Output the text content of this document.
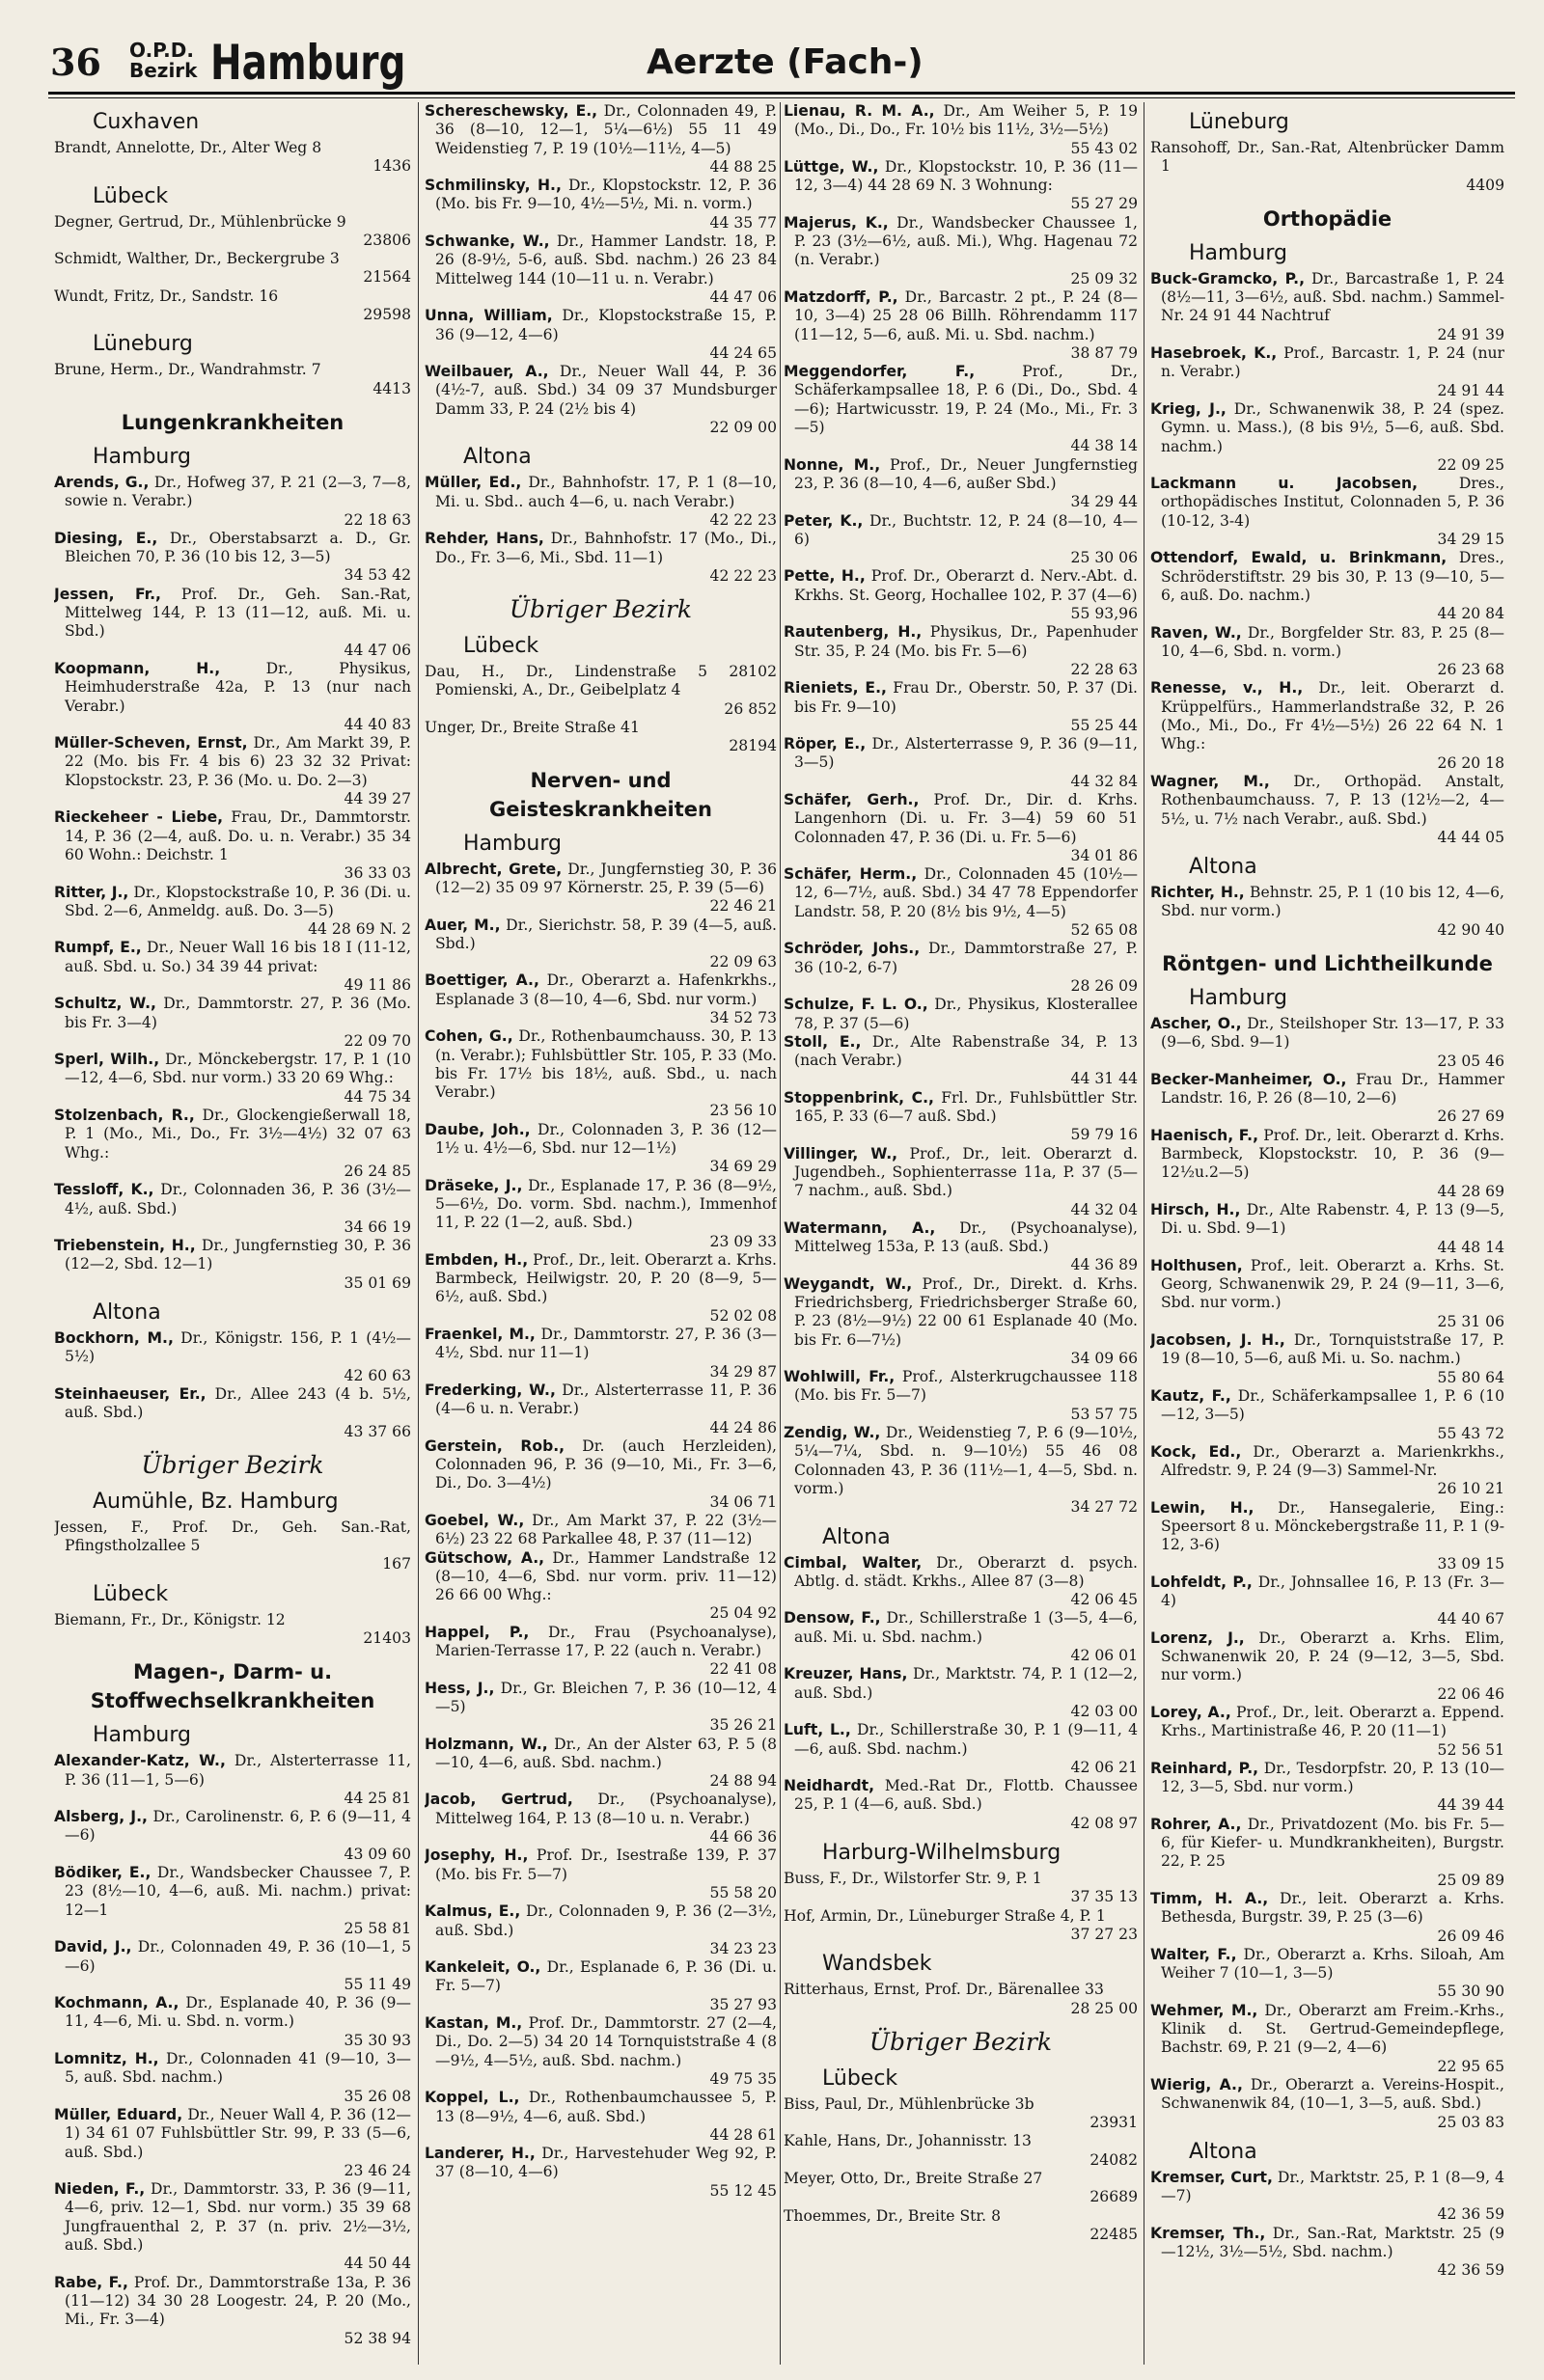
36 O.P.D.
Bezirk Hamburg	Aerzte (Fach-)
Cuxhaven

Brandt, Annelotte, Dr., Alter Weg 8
1436

Lübeck

Degner, Gertrud, Dr., Mühlenbrücke 9
23806

Schmidt, Walther, Dr., Beckergrube 3
21564

Wundt, Fritz, Dr., Sandstr. 16
29598

Lüneburg

Brune, Herm., Dr., Wandrahmstr. 7
4413

Lungenkrankheiten
Hamburg

Arends, G., Dr., Hofweg 37, P. 21 (2—3, 7—8, sowie n. Verabr.)
22 18 63

Diesing, E., Dr., Oberstabsarzt a. D., Gr. Bleichen 70, P. 36 (10 bis 12, 3—5)
34 53 42

Jessen, Fr., Prof. Dr., Geh. San.-Rat, Mittelweg 144, P. 13 (11—12, auß. Mi. u. Sbd.)
44 47 06

Koopmann, H., Dr., Physikus, Heimhuderstraße 42a, P. 13 (nur nach Verabr.)
44 40 83

Müller-Scheven, Ernst, Dr., Am Markt 39, P. 22 (Mo. bis Fr. 4 bis 6) 23 32 32 Privat: Klopstockstr. 23, P. 36 (Mo. u. Do. 2—3)
44 39 27

Rieckeheer - Liebe, Frau, Dr., Dammtorstr. 14, P. 36 (2—4, auß. Do. u. n. Verabr.) 35 34 60 Wohn.: Deichstr. 1
36 33 03

Ritter, J., Dr., Klopstockstraße 10, P. 36 (Di. u. Sbd. 2—6, Anmeldg. auß. Do. 3—5)
44 28 69 N. 2

Rumpf, E., Dr., Neuer Wall 16 bis 18 I (11-12, auß. Sbd. u. So.) 34 39 44 privat:
49 11 86

Schultz, W., Dr., Dammtorstr. 27, P. 36 (Mo. bis Fr. 3—4)
22 09 70

Sperl, Wilh., Dr., Mönckebergstr. 17, P. 1 (10—12, 4—6, Sbd. nur vorm.) 33 20 69 Whg.:
44 75 34

Stolzenbach, R., Dr., Glockengießerwall 18, P. 1 (Mo., Mi., Do., Fr. 3½—4½) 32 07 63 Whg.:
26 24 85

Tessloff, K., Dr., Colonnaden 36, P. 36 (3½—4½, auß. Sbd.)
34 66 19

Triebenstein, H., Dr., Jungfernstieg 30, P. 36 (12—2, Sbd. 12—1)
35 01 69

Altona

Bockhorn, M., Dr., Königstr. 156, P. 1 (4½—5½)
42 60 63

Steinhaeuser, Er., Dr., Allee 243 (4 b. 5½, auß. Sbd.)
43 37 66

Übriger Bezirk
Aumühle, Bz. Hamburg

Jessen, F., Prof. Dr., Geh. San.-Rat, Pfingstholzallee 5
167

Lübeck

Biemann, Fr., Dr., Königstr. 12
21403

Magen-, Darm- u. Stoffwechselkrankheiten
Hamburg

Alexander-Katz, W., Dr., Alsterterrasse 11, P. 36 (11—1, 5—6)
44 25 81

Alsberg, J., Dr., Carolinenstr. 6, P. 6 (9—11, 4—6)
43 09 60

Bödiker, E., Dr., Wandsbecker Chaussee 7, P. 23 (8½—10, 4—6, auß. Mi. nachm.) privat: 12—1
25 58 81

David, J., Dr., Colonnaden 49, P. 36 (10—1, 5—6)
55 11 49

Kochmann, A., Dr., Esplanade 40, P. 36 (9—11, 4—6, Mi. u. Sbd. n. vorm.)
35 30 93

Lomnitz, H., Dr., Colonnaden 41 (9—10, 3—5, auß. Sbd. nachm.)
35 26 08

Müller, Eduard, Dr., Neuer Wall 4, P. 36 (12—1) 34 61 07 Fuhlsbüttler Str. 99, P. 33 (5—6, auß. Sbd.)
23 46 24

Nieden, F., Dr., Dammtorstr. 33, P. 36 (9—11, 4—6, priv. 12—1, Sbd. nur vorm.) 35 39 68 Jungfrauenthal 2, P. 37 (n. priv. 2½—3½, auß. Sbd.)
44 50 44

Rabe, F., Prof. Dr., Dammtorstraße 13a, P. 36 (11—12) 34 30 28 Loogestr. 24, P. 20 (Mo., Mi., Fr. 3—4)
52 38 94

Schereschewsky, E., Dr., Colonnaden 49, P. 36 (8—10, 12—1, 5¼—6½) 55 11 49 Weidenstieg 7, P. 19 (10½—11½, 4—5)
44 88 25

Schmilinsky, H., Dr., Klopstockstr. 12, P. 36 (Mo. bis Fr. 9—10, 4½—5½, Mi. n. vorm.)
44 35 77

Schwanke, W., Dr., Hammer Landstr. 18, P. 26 (8-9½, 5-6, auß. Sbd. nachm.) 26 23 84 Mittelweg 144 (10—11 u. n. Verabr.)
44 47 06

Unna, William, Dr., Klopstockstraße 15, P. 36 (9—12, 4—6)
44 24 65

Weilbauer, A., Dr., Neuer Wall 44, P. 36 (4½-7, auß. Sbd.) 34 09 37 Mundsburger Damm 33, P. 24 (2½ bis 4)
22 09 00

Altona

Müller, Ed., Dr., Bahnhofstr. 17, P. 1 (8—10, Mi. u. Sbd.. auch 4—6, u. nach Verabr.)
42 22 23

Rehder, Hans, Dr., Bahnhofstr. 17 (Mo., Di., Do., Fr. 3—6, Mi., Sbd. 11—1)
42 22 23

Übriger Bezirk
Lübeck

Dau, H., Dr., Lindenstraße 5 28102 Pomienski, A., Dr., Geibelplatz 4
26 852

Unger, Dr., Breite Straße 41
28194

Nerven- und Geisteskrankheiten
Hamburg

Albrecht, Grete, Dr., Jungfernstieg 30, P. 36 (12—2) 35 09 97 Körnerstr. 25, P. 39 (5—6)
22 46 21

Auer, M., Dr., Sierichstr. 58, P. 39 (4—5, auß. Sbd.)
22 09 63

Boettiger, A., Dr., Oberarzt a. Hafenkrkhs., Esplanade 3 (8—10, 4—6, Sbd. nur vorm.)
34 52 73

Cohen, G., Dr., Rothenbaumchauss. 30, P. 13 (n. Verabr.); Fuhlsbüttler Str. 105, P. 33 (Mo. bis Fr. 17½ bis 18½, auß. Sbd., u. nach Verabr.)
23 56 10

Daube, Joh., Dr., Colonnaden 3, P. 36 (12—1½ u. 4½—6, Sbd. nur 12—1½)
34 69 29

Dräseke, J., Dr., Esplanade 17, P. 36 (8—9½, 5—6½, Do. vorm. Sbd. nachm.), Immenhof 11, P. 22 (1—2, auß. Sbd.)
23 09 33

Embden, H., Prof., Dr., leit. Oberarzt a. Krhs. Barmbeck, Heilwigstr. 20, P. 20 (8—9, 5—6½, auß. Sbd.)
52 02 08

Fraenkel, M., Dr., Dammtorstr. 27, P. 36 (3—4½, Sbd. nur 11—1)
34 29 87

Frederking, W., Dr., Alsterterrasse 11, P. 36 (4—6 u. n. Verabr.)
44 24 86

Gerstein, Rob., Dr. (auch Herzleiden), Colonnaden 96, P. 36 (9—10, Mi., Fr. 3—6, Di., Do. 3—4½)
34 06 71

Goebel, W., Dr., Am Markt 37, P. 22 (3½—6½) 23 22 68 Parkallee 48, P. 37 (11—12)

Gütschow, A., Dr., Hammer Landstraße 12 (8—10, 4—6, Sbd. nur vorm. priv. 11—12) 26 66 00 Whg.:
25 04 92

Happel, P., Dr., Frau (Psychoanalyse), Marien-Terrasse 17, P. 22 (auch n. Verabr.)
22 41 08

Hess, J., Dr., Gr. Bleichen 7, P. 36 (10—12, 4—5)
35 26 21

Holzmann, W., Dr., An der Alster 63, P. 5 (8—10, 4—6, auß. Sbd. nachm.)
24 88 94

Jacob, Gertrud, Dr., (Psychoanalyse), Mittelweg 164, P. 13 (8—10 u. n. Verabr.)
44 66 36

Josephy, H., Prof. Dr., Isestraße 139, P. 37 (Mo. bis Fr. 5—7)
55 58 20

Kalmus, E., Dr., Colonnaden 9, P. 36 (2—3½, auß. Sbd.)
34 23 23

Kankeleit, O., Dr., Esplanade 6, P. 36 (Di. u. Fr. 5—7)
35 27 93

Kastan, M., Prof. Dr., Dammtorstr. 27 (2—4, Di., Do. 2—5) 34 20 14 Tornquiststraße 4 (8—9½, 4—5½, auß. Sbd. nachm.)
49 75 35

Koppel, L., Dr., Rothenbaumchaussee 5, P. 13 (8—9½, 4—6, auß. Sbd.)
44 28 61

Landerer, H., Dr., Harvestehuder Weg 92, P. 37 (8—10, 4—6)
55 12 45

Lienau, R. M. A., Dr., Am Weiher 5, P. 19 (Mo., Di., Do., Fr. 10½ bis 11½, 3½—5½)
55 43 02

Lüttge, W., Dr., Klopstockstr. 10, P. 36 (11—12, 3—4) 44 28 69 N. 3 Wohnung:
55 27 29

Majerus, K., Dr., Wandsbecker Chaussee 1, P. 23 (3½—6½, auß. Mi.), Whg. Hagenau 72 (n. Verabr.)
25 09 32

Matzdorff, P., Dr., Barcastr. 2 pt., P. 24 (8—10, 3—4) 25 28 06 Billh. Röhrendamm 117 (11—12, 5—6, auß. Mi. u. Sbd. nachm.)
38 87 79

Meggendorfer, F., Prof., Dr., Schäferkampsallee 18, P. 6 (Di., Do., Sbd. 4—6); Hartwicusstr. 19, P. 24 (Mo., Mi., Fr. 3—5)
44 38 14

Nonne, M., Prof., Dr., Neuer Jungfernstieg 23, P. 36 (8—10, 4—6, außer Sbd.)
34 29 44

Peter, K., Dr., Buchtstr. 12, P. 24 (8—10, 4—6)
25 30 06

Pette, H., Prof. Dr., Oberarzt d. Nerv.-Abt. d. Krkhs. St. Georg, Hochallee 102, P. 37 (4—6)
55 93,96

Rautenberg, H., Physikus, Dr., Papenhuder Str. 35, P. 24 (Mo. bis Fr. 5—6)
22 28 63

Rieniets, E., Frau Dr., Oberstr. 50, P. 37 (Di. bis Fr. 9—10)
55 25 44

Röper, E., Dr., Alsterterrasse 9, P. 36 (9—11, 3—5)
44 32 84

Schäfer, Gerh., Prof. Dr., Dir. d. Krhs. Langenhorn (Di. u. Fr. 3—4) 59 60 51 Colonnaden 47, P. 36 (Di. u. Fr. 5—6)
34 01 86

Schäfer, Herm., Dr., Colonnaden 45 (10½—12, 6—7½, auß. Sbd.) 34 47 78 Eppendorfer Landstr. 58, P. 20 (8½ bis 9½, 4—5)
52 65 08

Schröder, Johs., Dr., Dammtorstraße 27, P. 36 (10-2, 6-7)
28 26 09

Schulze, F. L. O., Dr., Physikus, Klosterallee 78, P. 37 (5—6)

Stoll, E., Dr., Alte Rabenstraße 34, P. 13 (nach Verabr.)
44 31 44

Stoppenbrink, C., Frl. Dr., Fuhlsbüttler Str. 165, P. 33 (6—7 auß. Sbd.)
59 79 16

Villinger, W., Prof., Dr., leit. Oberarzt d. Jugendbeh., Sophienterrasse 11a, P. 37 (5—7 nachm., auß. Sbd.)
44 32 04

Watermann, A., Dr., (Psychoanalyse), Mittelweg 153a, P. 13 (auß. Sbd.)
44 36 89

Weygandt, W., Prof., Dr., Direkt. d. Krhs. Friedrichsberg, Friedrichsberger Straße 60, P. 23 (8½—9½) 22 00 61 Esplanade 40 (Mo. bis Fr. 6—7½)
34 09 66

Wohlwill, Fr., Prof., Alsterkrugchaussee 118 (Mo. bis Fr. 5—7)
53 57 75

Zendig, W., Dr., Weidenstieg 7, P. 6 (9—10½, 5¼—7¼, Sbd. n. 9—10½) 55 46 08 Colonnaden 43, P. 36 (11½—1, 4—5, Sbd. n. vorm.)
34 27 72

Altona

Cimbal, Walter, Dr., Oberarzt d. psych. Abtlg. d. städt. Krkhs., Allee 87 (3—8)
42 06 45

Densow, F., Dr., Schillerstraße 1 (3—5, 4—6, auß. Mi. u. Sbd. nachm.)
42 06 01

Kreuzer, Hans, Dr., Marktstr. 74, P. 1 (12—2, auß. Sbd.)
42 03 00

Luft, L., Dr., Schillerstraße 30, P. 1 (9—11, 4—6, auß. Sbd. nachm.)
42 06 21

Neidhardt, Med.-Rat Dr., Flottb. Chaussee 25, P. 1 (4—6, auß. Sbd.)
42 08 97

Harburg-Wilhelmsburg

Buss, F., Dr., Wilstorfer Str. 9, P. 1
37 35 13

Hof, Armin, Dr., Lüneburger Straße 4, P. 1
37 27 23

Wandsbek

Ritterhaus, Ernst, Prof. Dr., Bärenallee 33
28 25 00

Übriger Bezirk
Lübeck

Biss, Paul, Dr., Mühlenbrücke 3b
23931

Kahle, Hans, Dr., Johannisstr. 13
24082

Meyer, Otto, Dr., Breite Straße 27
26689

Thoemmes, Dr., Breite Str. 8
22485

Lüneburg

Ransohoff, Dr., San.-Rat, Altenbrücker Damm 1
4409

Orthopädie
Hamburg

Buck-Gramcko, P., Dr., Barcastraße 1, P. 24 (8½—11, 3—6½, auß. Sbd. nachm.) Sammel-Nr. 24 91 44 Nachtruf
24 91 39

Hasebroek, K., Prof., Barcastr. 1, P. 24 (nur n. Verabr.)
24 91 44

Krieg, J., Dr., Schwanenwik 38, P. 24 (spez. Gymn. u. Mass.), (8 bis 9½, 5—6, auß. Sbd. nachm.)
22 09 25

Lackmann u. Jacobsen, Dres., orthopädisches Institut, Colonnaden 5, P. 36 (10-12, 3-4)
34 29 15

Ottendorf, Ewald, u. Brinkmann, Dres., Schröderstiftstr. 29 bis 30, P. 13 (9—10, 5—6, auß. Do. nachm.)
44 20 84

Raven, W., Dr., Borgfelder Str. 83, P. 25 (8—10, 4—6, Sbd. n. vorm.)
26 23 68

Renesse, v., H., Dr., leit. Oberarzt d. Krüppelfürs., Hammerlandstraße 32, P. 26 (Mo., Mi., Do., Fr 4½—5½) 26 22 64 N. 1 Whg.:
26 20 18

Wagner, M., Dr., Orthopäd. Anstalt, Rothenbaumchauss. 7, P. 13 (12½—2, 4—5½, u. 7½ nach Verabr., auß. Sbd.)
44 44 05

Altona

Richter, H., Behnstr. 25, P. 1 (10 bis 12, 4—6, Sbd. nur vorm.)
42 90 40

Röntgen- und Lichtheilkunde
Hamburg

Ascher, O., Dr., Steilshoper Str. 13—17, P. 33 (9—6, Sbd. 9—1)
23 05 46

Becker-Manheimer, O., Frau Dr., Hammer Landstr. 16, P. 26 (8—10, 2—6)
26 27 69

Haenisch, F., Prof. Dr., leit. Oberarzt d. Krhs. Barmbeck, Klopstockstr. 10, P. 36 (9—12½u.2—5)
44 28 69

Hirsch, H., Dr., Alte Rabenstr. 4, P. 13 (9—5, Di. u. Sbd. 9—1)
44 48 14

Holthusen, Prof., leit. Oberarzt a. Krhs. St. Georg, Schwanenwik 29, P. 24 (9—11, 3—6, Sbd. nur vorm.)
25 31 06

Jacobsen, J. H., Dr., Tornquiststraße 17, P. 19 (8—10, 5—6, auß Mi. u. So. nachm.)
55 80 64

Kautz, F., Dr., Schäferkampsallee 1, P. 6 (10—12, 3—5)
55 43 72

Kock, Ed., Dr., Oberarzt a. Marienkrkhs., Alfredstr. 9, P. 24 (9—3) Sammel-Nr.
26 10 21

Lewin, H., Dr., Hansegalerie, Eing.: Speersort 8 u. Mönckebergstraße 11, P. 1 (9-12, 3-6)
33 09 15

Lohfeldt, P., Dr., Johnsallee 16, P. 13 (Fr. 3—4)
44 40 67

Lorenz, J., Dr., Oberarzt a. Krhs. Elim, Schwanenwik 20, P. 24 (9—12, 3—5, Sbd. nur vorm.)
22 06 46

Lorey, A., Prof., Dr., leit. Oberarzt a. Eppend. Krhs., Martinistraße 46, P. 20 (11—1)
52 56 51

Reinhard, P., Dr., Tesdorpfstr. 20, P. 13 (10—12, 3—5, Sbd. nur vorm.)
44 39 44

Rohrer, A., Dr., Privatdozent (Mo. bis Fr. 5—6, für Kiefer- u. Mundkrankheiten), Burgstr. 22, P. 25
25 09 89

Timm, H. A., Dr., leit. Oberarzt a. Krhs. Bethesda, Burgstr. 39, P. 25 (3—6)
26 09 46

Walter, F., Dr., Oberarzt a. Krhs. Siloah, Am Weiher 7 (10—1, 3—5)
55 30 90

Wehmer, M., Dr., Oberarzt am Freim.-Krhs., Klinik d. St. Gertrud-Gemeindepflege, Bachstr. 69, P. 21 (9—2, 4—6)
22 95 65

Wierig, A., Dr., Oberarzt a. Vereins-Hospit., Schwanenwik 84, (10—1, 3—5, auß. Sbd.)
25 03 83

Altona

Kremser, Curt, Dr., Marktstr. 25, P. 1 (8—9, 4—7)
42 36 59

Kremser, Th., Dr., San.-Rat, Marktstr. 25 (9—12½, 3½—5½, Sbd. nachm.)
42 36 59
